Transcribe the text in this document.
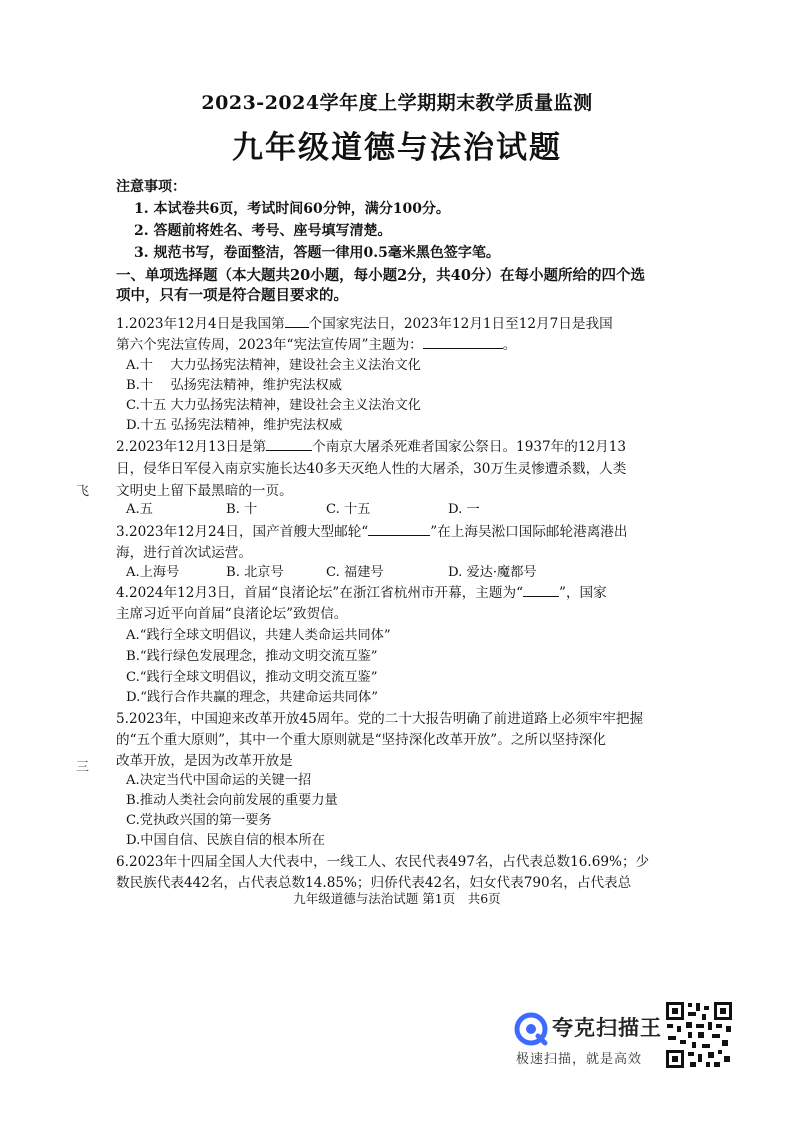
2023-2024学年度上学期期末教学质量监测
九年级道德与法治试题
注意事项：
1. 本试卷共6页，考试时间60分钟，满分100分。
2. 答题前将姓名、考号、座号填写清楚。
3. 规范书写，卷面整洁，答题一律用0.5毫米黑色签字笔。
一、单项选择题（本大题共20小题，每小题2分，共40分）在每小题所给的四个选项中，只有一项是符合题目要求的。
1.2023年12月4日是我国第 个国家宪法日，2023年12月1日至12月7日是我国
第六个宪法宣传周，2023年“宪法宣传周”主题为：	。
A.十　 大力弘扬宪法精神，建设社会主义法治文化
B.十　 弘扬宪法精神，维护宪法权威
C.十五 大力弘扬宪法精神，建设社会主义法治文化
D.十五 弘扬宪法精神，维护宪法权威
2.2023年12月13日是第	个南京大屠杀死难者国家公祭日。1937年的12月13
日，侵华日军侵入南京实施长达40多天灭绝人性的大屠杀，30万生灵惨遭杀戮，人类
文明史上留下最黑暗的一页。
A.五	B. 十	C. 十五	D. 一
3.2023年12月24日，国产首艘大型邮轮“	”在上海吴淞口国际邮轮港离港出
海，进行首次试运营。
A.上海号	B. 北京号	C. 福建号	D. 爱达·魔都号
4.2024年12月3日，首届“良渚论坛”在浙江省杭州市开幕，主题为“	”，国家
主席习近平向首届“良渚论坛”致贺信。
A.“践行全球文明倡议，共建人类命运共同体”
B.“践行绿色发展理念，推动文明交流互鉴”
C.“践行全球文明倡议，推动文明交流互鉴”
D.“践行合作共赢的理念，共建命运共同体”
5.2023年，中国迎来改革开放45周年。党的二十大报告明确了前进道路上必须牢牢把握
的“五个重大原则”，其中一个重大原则就是“坚持深化改革开放”。之所以坚持深化
改革开放，是因为改革开放是
A.决定当代中国命运的关键一招
B.推动人类社会向前发展的重要力量
C.党执政兴国的第一要务
D.中国自信、民族自信的根本所在
6.2023年十四届全国人大代表中，一线工人、农民代表497名，占代表总数16.69%；少
数民族代表442名，占代表总数14.85%；归侨代表42名，妇女代表790名，占代表总
九年级道德与法治试题 第1页　共6页
飞
三
夸克扫描王
极速扫描，就是高效
